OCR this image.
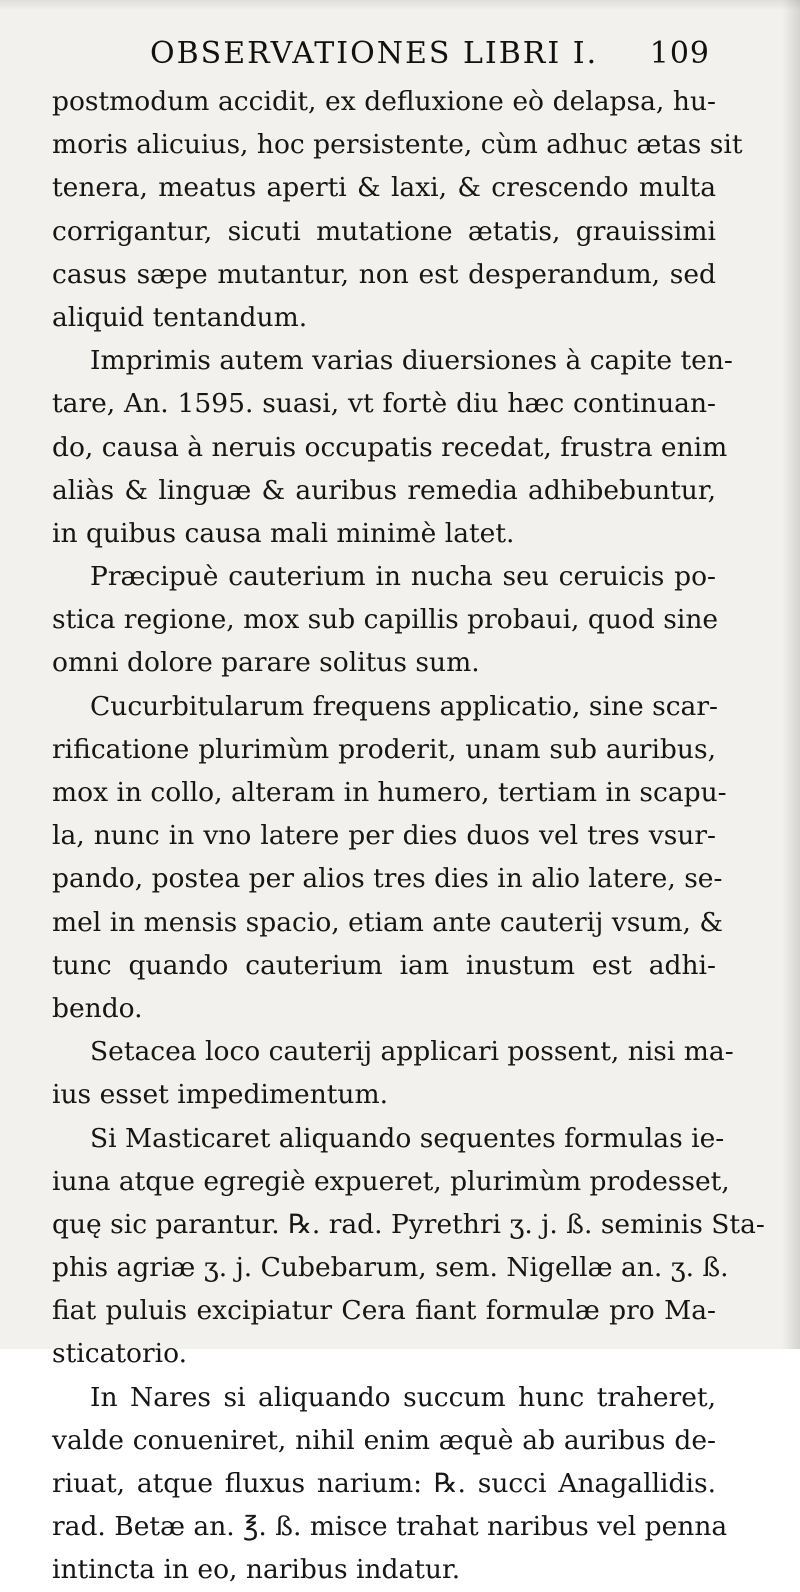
OBSERVATIONES LIBRI I. 109
postmodum accidit, ex defluxione eò delapsa, hu-
moris alicuius, hoc persistente, cùm adhuc ætas sit
tenera, meatus aperti & laxi, & crescendo multa
corrigantur, sicuti mutatione ætatis, grauissimi
casus sæpe mutantur, non est desperandum, sed
aliquid tentandum.
Imprimis autem varias diuersiones à capite ten-
tare, An. 1595. suasi, vt fortè diu hæc continuan-
do, causa à neruis occupatis recedat, frustra enim
aliàs & linguæ & auribus remedia adhibebuntur,
in quibus causa mali minimè latet.
Præcipuè cauterium in nucha seu ceruicis po-
stica regione, mox sub capillis probaui, quod sine
omni dolore parare solitus sum.
Cucurbitularum frequens applicatio, sine scar-
rificatione plurimùm proderit, unam sub auribus,
mox in collo, alteram in humero, tertiam in scapu-
la, nunc in vno latere per dies duos vel tres vsur-
pando, postea per alios tres dies in alio latere, se-
mel in mensis spacio, etiam ante cauterij vsum, &
tunc quando cauterium iam inustum est adhi-
bendo.
Setacea loco cauterij applicari possent, nisi ma-
ius esset impedimentum.
Si Masticaret aliquando sequentes formulas ie-
iuna atque egregiè expueret, plurimùm prodesset,
quę sic parantur. ℞. rad. Pyrethri ʒ. j. ß. seminis Sta-
phis agriæ ʒ. j. Cubebarum, sem. Nigellæ an. ʒ. ß.
fiat puluis excipiatur Cera fiant formulæ pro Ma-
sticatorio.
In Nares si aliquando succum hunc traheret,
valde conueniret, nihil enim æquè ab auribus de-
riuat, atque fluxus narium: ℞. succi Anagallidis.
rad. Betæ an. ℥. ß. misce trahat naribus vel penna
intincta in eo, naribus indatur.
